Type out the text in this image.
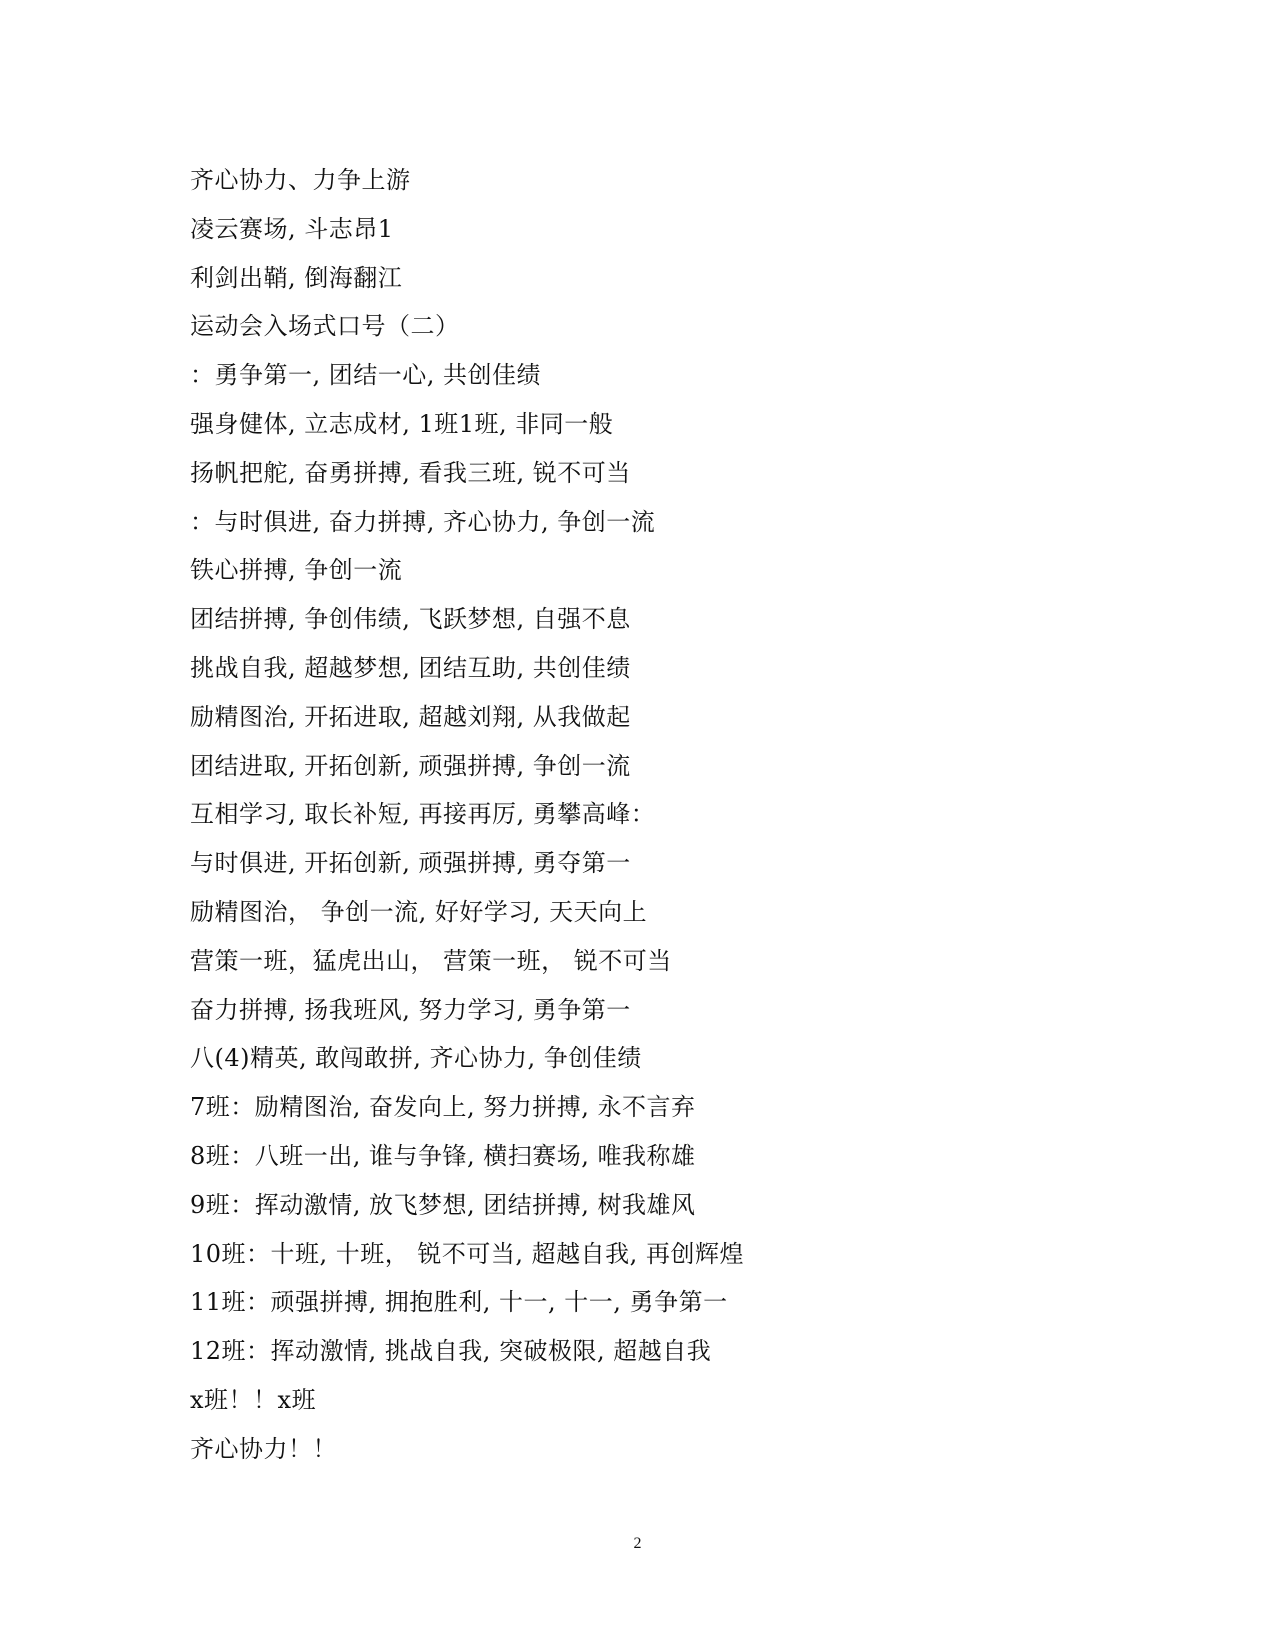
齐心协力、力争上游
凌云赛场, 斗志昂1
利剑出鞘, 倒海翻江
运动会入场式口号（二）
：勇争第一, 团结一心, 共创佳绩
强身健体, 立志成材, 1班1班, 非同一般
扬帆把舵, 奋勇拼搏, 看我三班, 锐不可当
：与时俱进, 奋力拼搏, 齐心协力, 争创一流
铁心拼搏, 争创一流
团结拼搏, 争创伟绩, 飞跃梦想, 自强不息
挑战自我, 超越梦想, 团结互助, 共创佳绩
励精图治, 开拓进取, 超越刘翔, 从我做起
团结进取, 开拓创新, 顽强拼搏, 争创一流
互相学习, 取长补短, 再接再厉, 勇攀高峰：
与时俱进, 开拓创新, 顽强拼搏, 勇夺第一
励精图治， 争创一流, 好好学习, 天天向上
营策一班，猛虎出山， 营策一班， 锐不可当
奋力拼搏, 扬我班风, 努力学习, 勇争第一
八(4)精英, 敢闯敢拼, 齐心协力, 争创佳绩
7班：励精图治, 奋发向上, 努力拼搏, 永不言弃
8班：八班一出, 谁与争锋, 横扫赛场, 唯我称雄
9班：挥动激情, 放飞梦想, 团结拼搏, 树我雄风
10班：十班, 十班， 锐不可当, 超越自我, 再创辉煌
11班：顽强拼搏, 拥抱胜利, 十一, 十一, 勇争第一
12班：挥动激情, 挑战自我, 突破极限, 超越自我
x班！！x班
齐心协力！！
2
